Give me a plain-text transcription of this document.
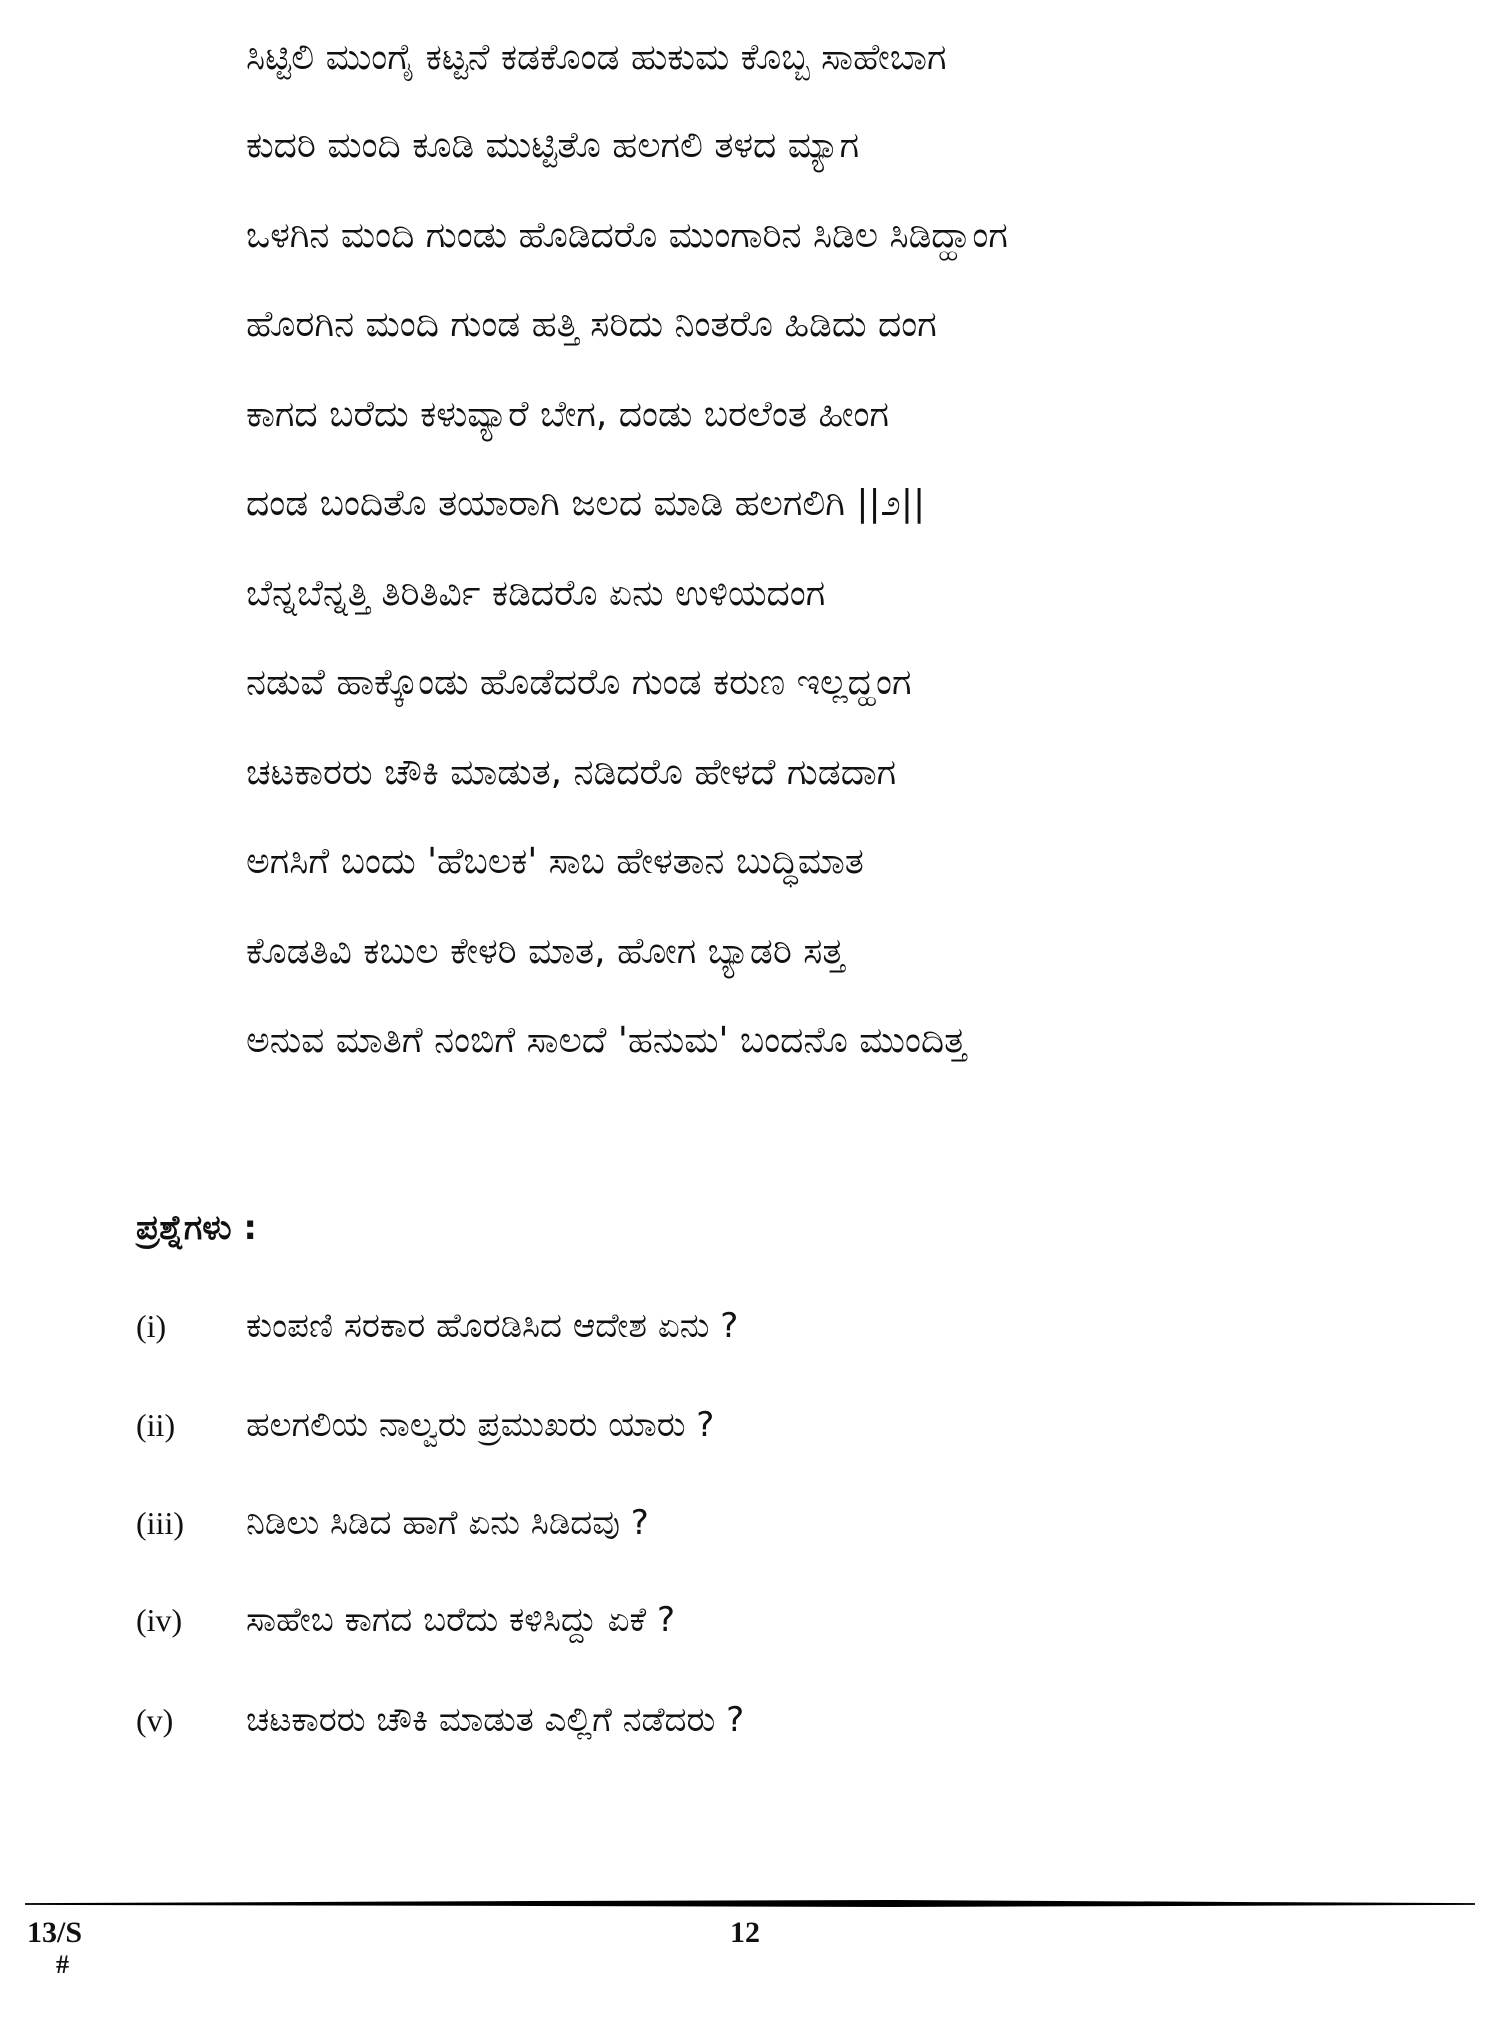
ಸಿಟ್ಟಿಲಿ ಮುಂಗೈ ಕಟ್ಟನೆ ಕಡಕೊಂಡ ಹುಕುಮ ಕೊಬ್ಬ ಸಾಹೇಬಾಗ
ಕುದರಿ ಮಂದಿ ಕೂಡಿ ಮುಟ್ಟಿತೊ ಹಲಗಲಿ ತಳದ ಮ್ಯಾಗ
ಒಳಗಿನ ಮಂದಿ ಗುಂಡು ಹೊಡಿದರೊ ಮುಂಗಾರಿನ ಸಿಡಿಲ ಸಿಡಿದ್ಹಾಂಗ
ಹೊರಗಿನ ಮಂದಿ ಗುಂಡ ಹತ್ತಿ ಸರಿದು ನಿಂತರೊ ಹಿಡಿದು ದಂಗ
ಕಾಗದ ಬರೆದು ಕಳುವ್ಯಾರೆ ಬೇಗ, ದಂಡು ಬರಲೆಂತ ಹೀಂಗ
ದಂಡ ಬಂದಿತೊ ತಯಾರಾಗಿ ಜಲದ ಮಾಡಿ ಹಲಗಲಿಗಿ ||೨||
ಬೆನ್ನಬೆನ್ನತ್ತಿ ತಿರಿತಿರ್ವಿ ಕಡಿದರೊ ಏನು ಉಳಿಯದಂಗ
ನಡುವೆ ಹಾಕ್ಕೊಂಡು ಹೊಡೆದರೊ ಗುಂಡ ಕರುಣ ಇಲ್ಲದ್ಹಂಗ
ಚಟಕಾರರು ಚೌಕಿ ಮಾಡುತ, ನಡಿದರೊ ಹೇಳದೆ ಗುಡದಾಗ
ಅಗಸಿಗೆ ಬಂದು 'ಹೆಬಲಕ' ಸಾಬ ಹೇಳತಾನ ಬುದ್ಧಿಮಾತ
ಕೊಡತಿವಿ ಕಬುಲ ಕೇಳರಿ ಮಾತ, ಹೋಗ ಬ್ಯಾಡರಿ ಸತ್ತ
ಅನುವ ಮಾತಿಗೆ ನಂಬಿಗೆ ಸಾಲದೆ 'ಹನುಮ' ಬಂದನೊ ಮುಂದಿತ್ತ
ಪ್ರಶ್ನೆಗಳು :
(i) ಕುಂಪಣಿ ಸರಕಾರ ಹೊರಡಿಸಿದ ಆದೇಶ ಏನು ?
(ii) ಹಲಗಲಿಯ ನಾಲ್ವರು ಪ್ರಮುಖರು ಯಾರು ?
(iii) ನಿಡಿಲು ಸಿಡಿದ ಹಾಗೆ ಏನು ಸಿಡಿದವು ?
(iv) ಸಾಹೇಬ ಕಾಗದ ಬರೆದು ಕಳಿಸಿದ್ದು ಏಕೆ ?
(v) ಚಟಕಾರರು ಚೌಕಿ ಮಾಡುತ ಎಲ್ಲಿಗೆ ನಡೆದರು ?
13/S	12
#
